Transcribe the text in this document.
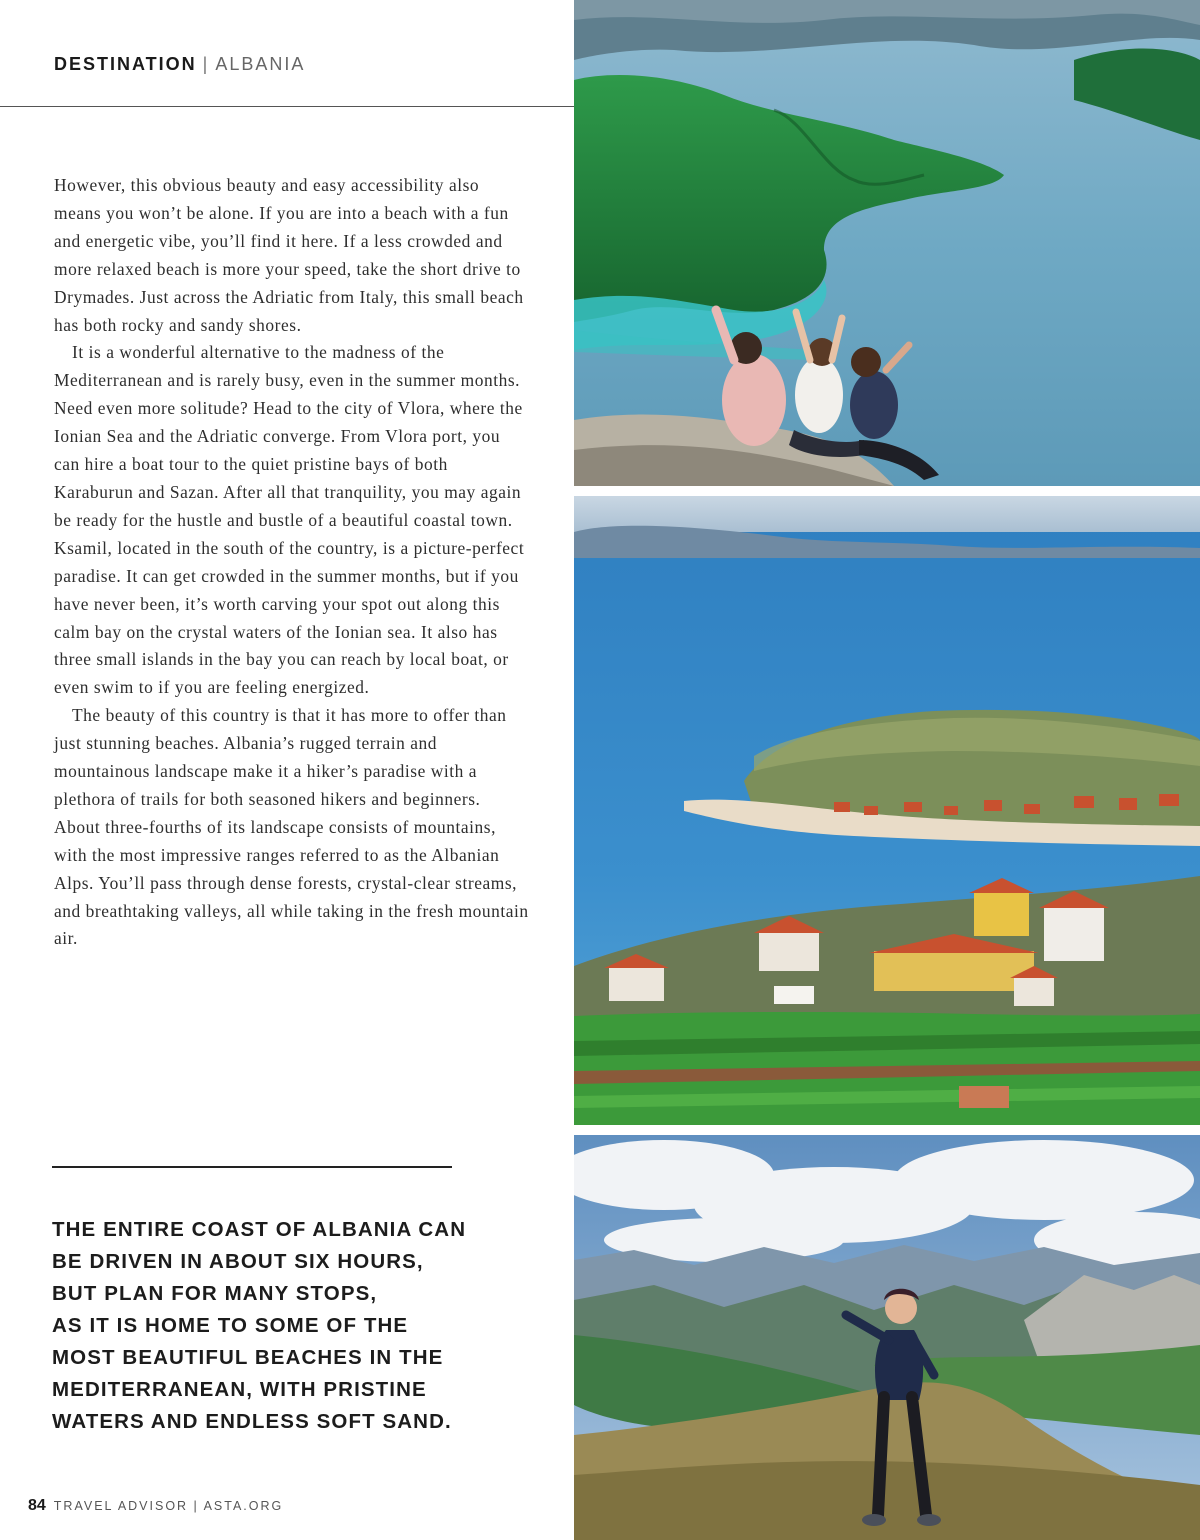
DESTINATION | ALBANIA

However, this obvious beauty and easy accessibility also means you won’t be alone. If you are into a beach with a fun and energetic vibe, you’ll find it here. If a less crowded and more relaxed beach is more your speed, take the short drive to Drymades. Just across the Adriatic from Italy, this small beach has both rocky and sandy shores.

It is a wonderful alternative to the madness of the Mediterranean and is rarely busy, even in the summer months. Need even more solitude? Head to the city of Vlora, where the Ionian Sea and the Adriatic converge. From Vlora port, you can hire a boat tour to the quiet pristine bays of both Karaburun and Sazan. After all that tranquility, you may again be ready for the hustle and bustle of a beautiful coastal town. Ksamil, located in the south of the country, is a picture-perfect paradise. It can get crowded in the summer months, but if you have never been, it’s worth carving your spot out along this calm bay on the crystal waters of the Ionian sea. It also has three small islands in the bay you can reach by local boat, or even swim to if you are feeling energized.

The beauty of this country is that it has more to offer than just stunning beaches. Albania’s rugged terrain and mountainous landscape make it a hiker’s paradise with a plethora of trails for both seasoned hikers and beginners. About three-fourths of its landscape consists of mountains, with the most impressive ranges referred to as the Albanian Alps. You’ll pass through dense forests, crystal-clear streams, and breathtaking valleys, all while taking in the fresh mountain air.

THE ENTIRE COAST OF ALBANIA CAN
BE DRIVEN IN ABOUT SIX HOURS,
BUT PLAN FOR MANY STOPS,
AS IT IS HOME TO SOME OF THE
MOST BEAUTIFUL BEACHES IN THE
MEDITERRANEAN, WITH PRISTINE
WATERS AND ENDLESS SOFT SAND.
84 TRAVEL ADVISOR | ASTA.ORG
